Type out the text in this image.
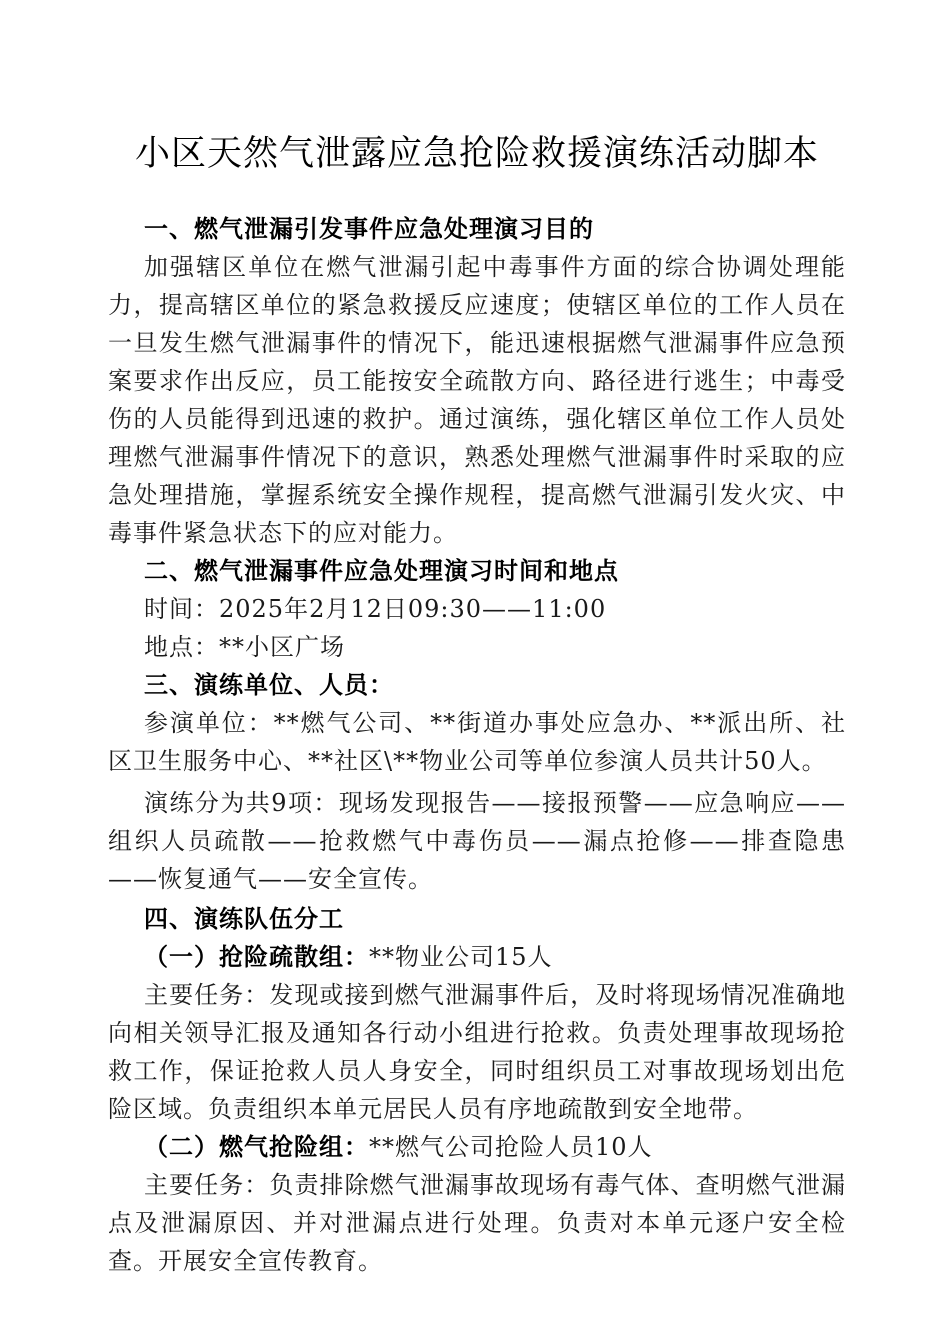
小区天然气泄露应急抢险救援演练活动脚本

一、燃气泄漏引发事件应急处理演习目的

加强辖区单位在燃气泄漏引起中毒事件方面的综合协调处理能力，提高辖区单位的紧急救援反应速度；使辖区单位的工作人员在一旦发生燃气泄漏事件的情况下，能迅速根据燃气泄漏事件应急预案要求作出反应，员工能按安全疏散方向、路径进行逃生；中毒受伤的人员能得到迅速的救护。通过演练，强化辖区单位工作人员处理燃气泄漏事件情况下的意识，熟悉处理燃气泄漏事件时采取的应急处理措施，掌握系统安全操作规程，提高燃气泄漏引发火灾、中毒事件紧急状态下的应对能力。

二、燃气泄漏事件应急处理演习时间和地点

时间：2025年2月12日09:30——11:00

地点：**小区广场

三、演练单位、人员：

参演单位：**燃气公司、**街道办事处应急办、**派出所、社区卫生服务中心、**社区\**物业公司等单位参演人员共计50人。

演练分为共9项：现场发现报告——接报预警——应急响应——组织人员疏散——抢救燃气中毒伤员——漏点抢修——排查隐患——恢复通气——安全宣传。

四、演练队伍分工

（一）抢险疏散组：**物业公司15人

主要任务：发现或接到燃气泄漏事件后，及时将现场情况准确地向相关领导汇报及通知各行动小组进行抢救。负责处理事故现场抢救工作，保证抢救人员人身安全，同时组织员工对事故现场划出危险区域。负责组织本单元居民人员有序地疏散到安全地带。

（二）燃气抢险组：**燃气公司抢险人员10人

主要任务：负责排除燃气泄漏事故现场有毒气体、查明燃气泄漏点及泄漏原因、并对泄漏点进行处理。负责对本单元逐户安全检查。开展安全宣传教育。
